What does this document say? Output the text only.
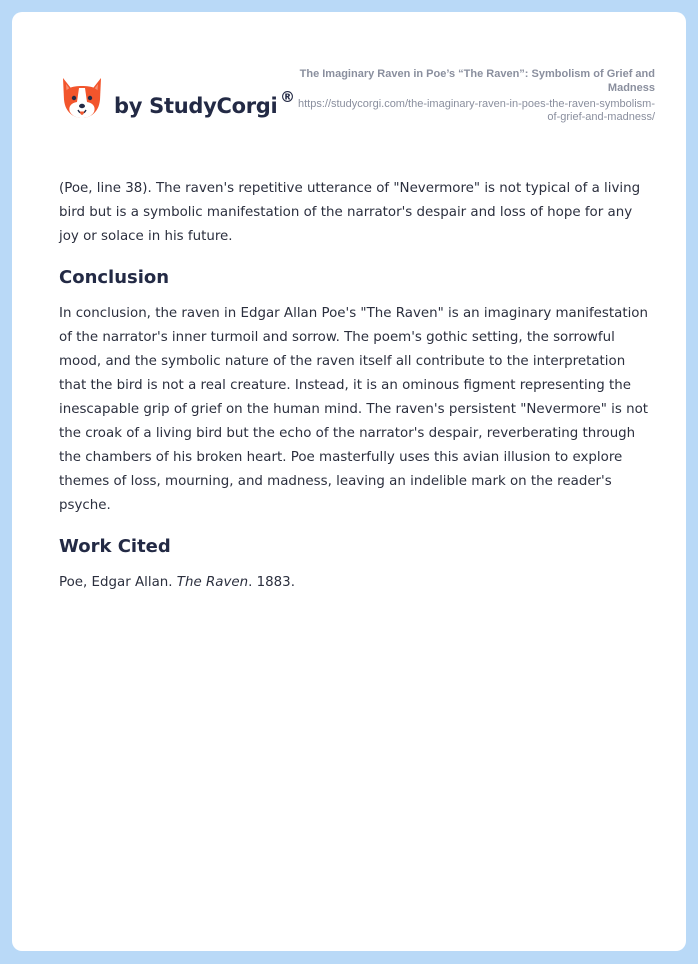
by StudyCorgi ®
The Imaginary Raven in Poe’s “The Raven”: Symbolism of Grief and Madness
https://studycorgi.com/the-imaginary-raven-in-poes-the-raven-symbolism-of-grief-and-madness/

(Poe, line 38). The raven's repetitive utterance of "Nevermore" is not typical of a living bird but is a symbolic manifestation of the narrator's despair and loss of hope for any joy or solace in his future.

Conclusion

In conclusion, the raven in Edgar Allan Poe's "The Raven" is an imaginary manifestation of the narrator's inner turmoil and sorrow. The poem's gothic setting, the sorrowful mood, and the symbolic nature of the raven itself all contribute to the interpretation that the bird is not a real creature. Instead, it is an ominous figment representing the inescapable grip of grief on the human mind. The raven's persistent "Nevermore" is not the croak of a living bird but the echo of the narrator's despair, reverberating through the chambers of his broken heart. Poe masterfully uses this avian illusion to explore themes of loss, mourning, and madness, leaving an indelible mark on the reader's psyche.

Work Cited

Poe, Edgar Allan. The Raven. 1883.
